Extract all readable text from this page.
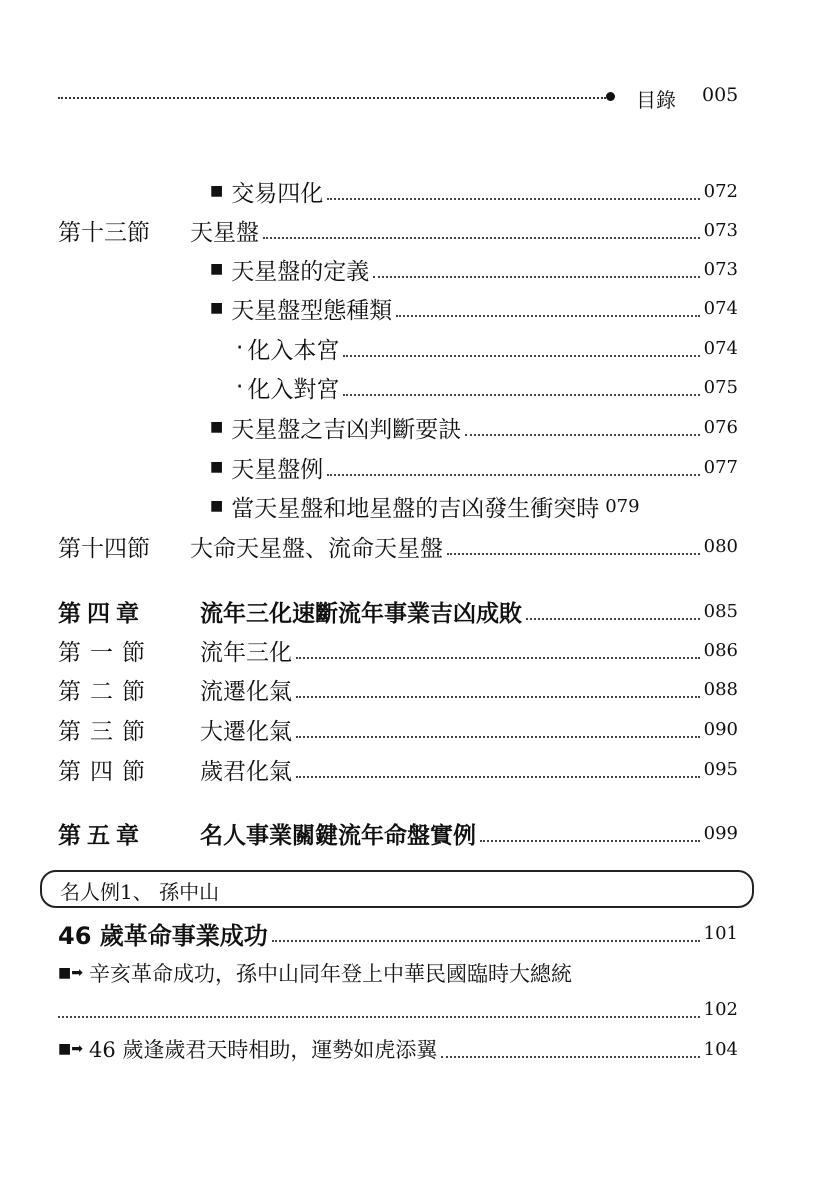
目錄 005
■ 交易四化	072
第十三節	天星盤	073
■ 天星盤的定義	073
■ 天星盤型態種類	074
· 化入本宮	074
· 化入對宮	075
■ 天星盤之吉凶判斷要訣	076
■ 天星盤例	077
■ 當天星盤和地星盤的吉凶發生衝突時 079
第十四節	大命天星盤、流命天星盤	080
第四章	流年三化速斷流年事業吉凶成敗	085
第一節	流年三化	086
第二節	流遷化氣	088
第三節	大遷化氣	090
第四節	歲君化氣	095
第五章	名人事業關鍵流年命盤實例	099
名人例1、 孫中山
46 歲革命事業成功	101
■➡ 辛亥革命成功，孫中山同年登上中華民國臨時大總統
102
■➡ 46 歲逢歲君天時相助，運勢如虎添翼	104
